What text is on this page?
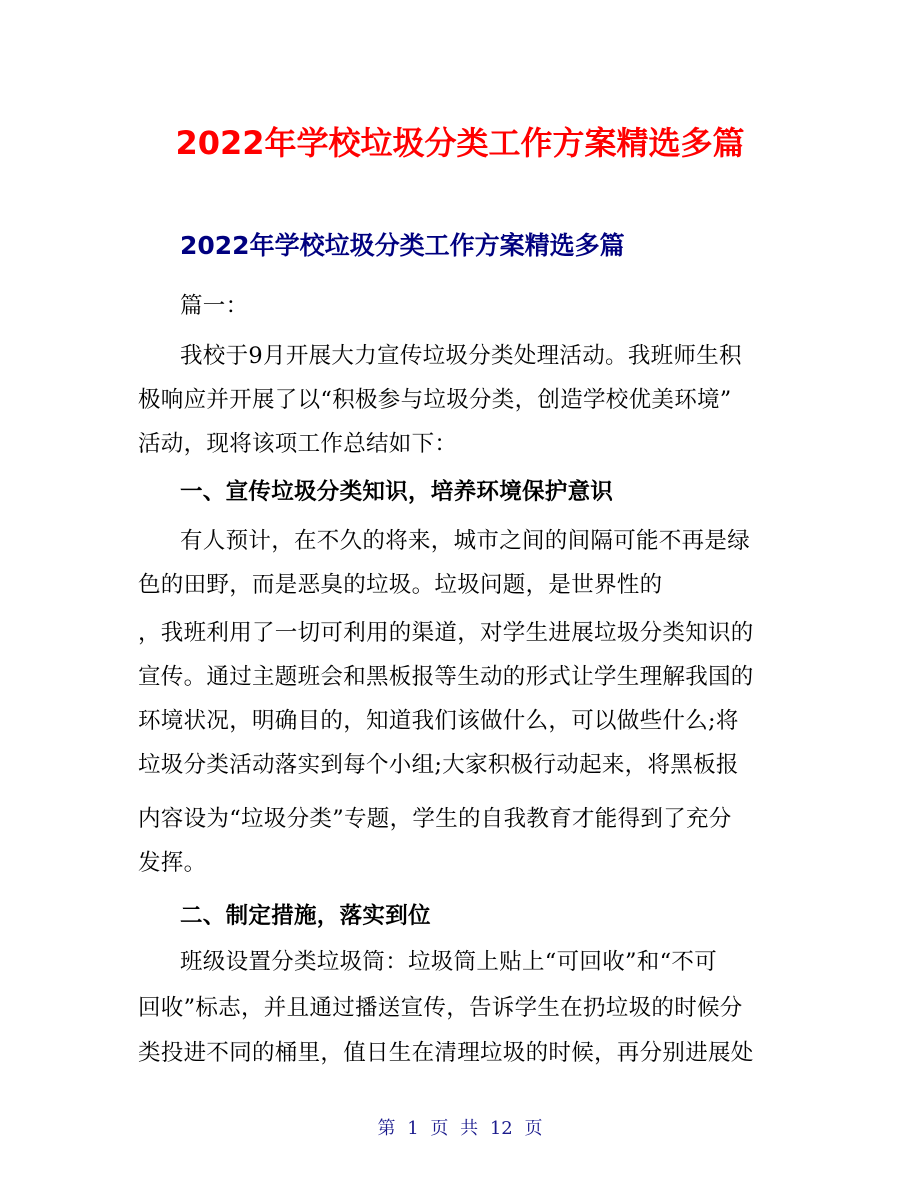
2022年学校垃圾分类工作方案精选多篇
2022年学校垃圾分类工作方案精选多篇
篇一：
我校于9月开展大力宣传垃圾分类处理活动。我班师生积
极响应并开展了以“积极参与垃圾分类，创造学校优美环境”
活动，现将该项工作总结如下：
一、宣传垃圾分类知识，培养环境保护意识
有人预计，在不久的将来，城市之间的间隔可能不再是绿
色的田野，而是恶臭的垃圾。垃圾问题，是世界性的
，我班利用了一切可利用的渠道，对学生进展垃圾分类知识的
宣传。通过主题班会和黑板报等生动的形式让学生理解我国的
环境状况，明确目的，知道我们该做什么，可以做些什么;将
垃圾分类活动落实到每个小组;大家积极行动起来，将黑板报
内容设为“垃圾分类”专题，学生的自我教育才能得到了充分
发挥。
二、制定措施，落实到位
班级设置分类垃圾筒：垃圾筒上贴上“可回收”和“不可
回收”标志，并且通过播送宣传，告诉学生在扔垃圾的时候分
类投进不同的桶里，值日生在清理垃圾的时候，再分别进展处
第 1 页 共 12 页
